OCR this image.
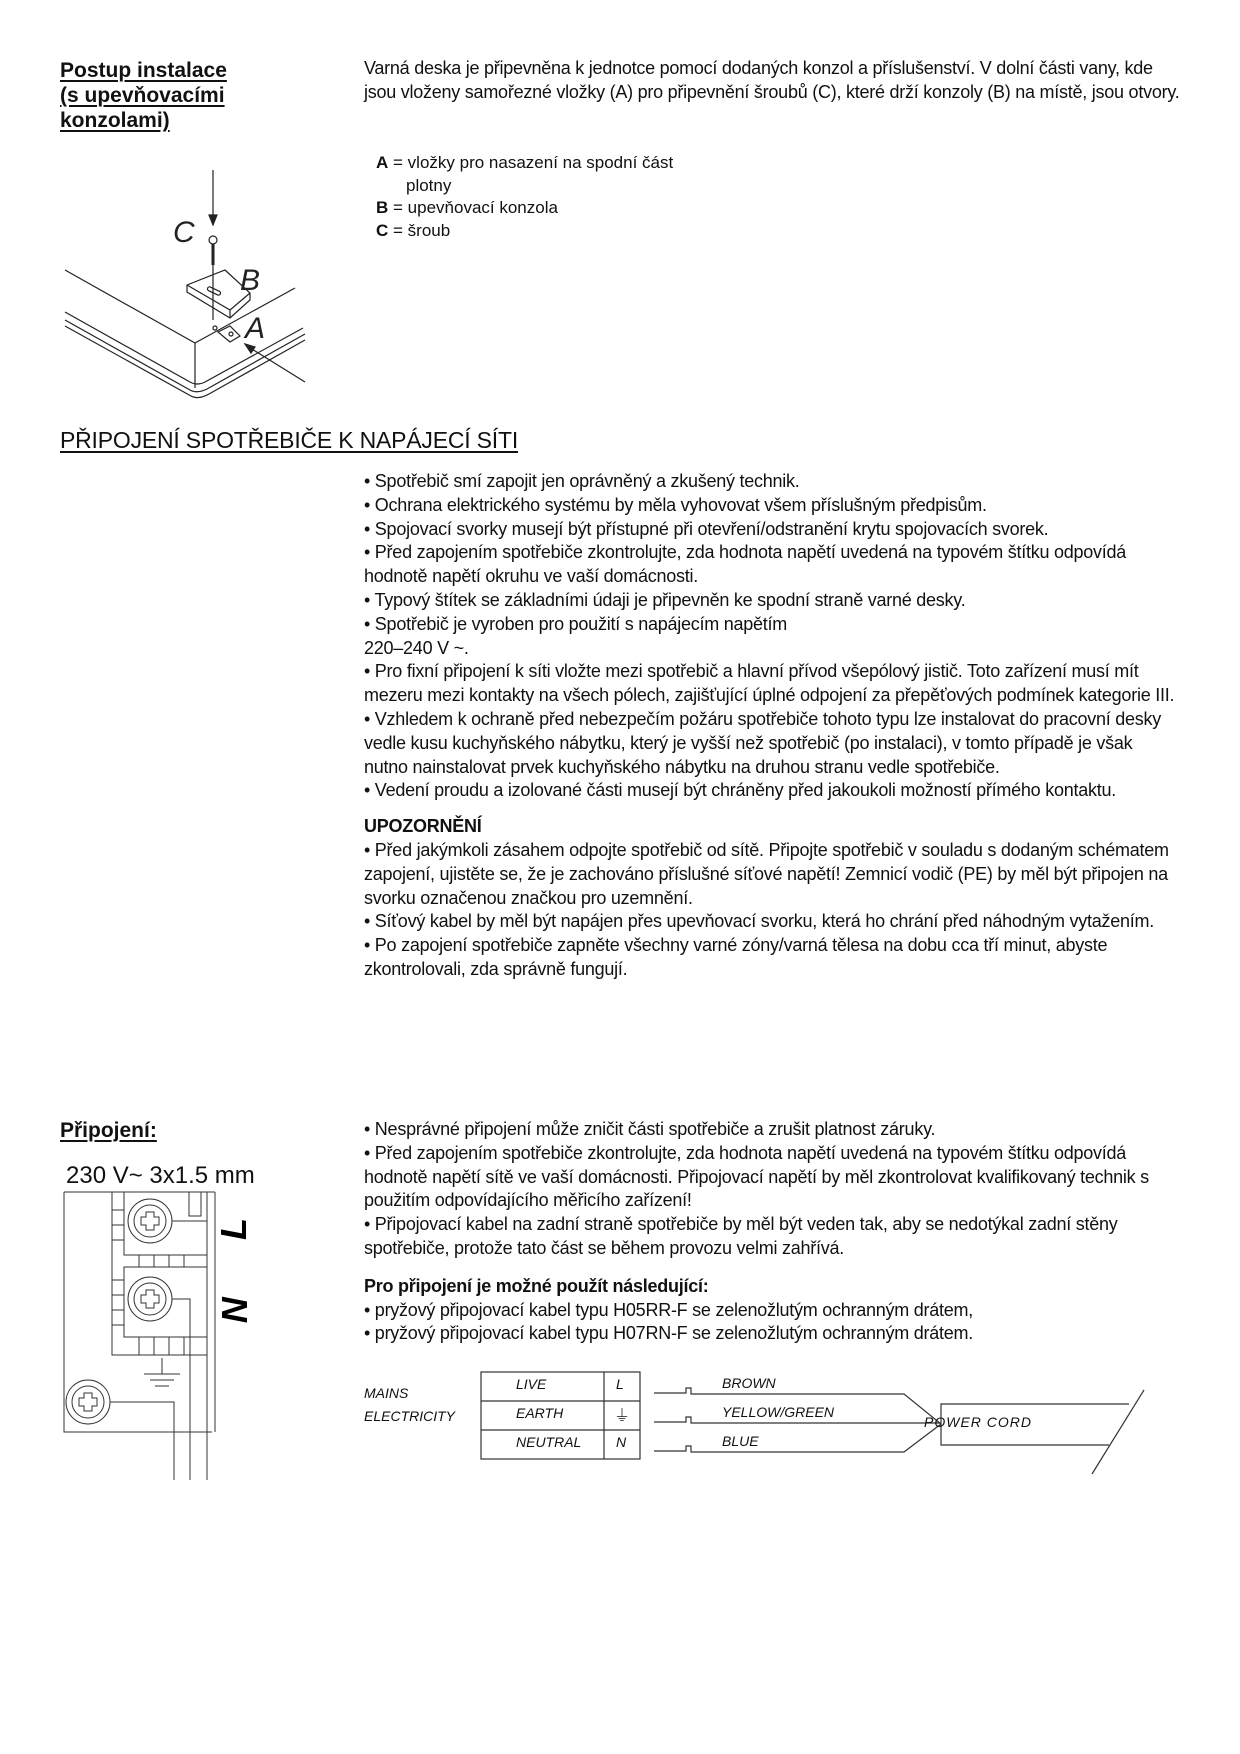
Postup instalace

(s upevňovacími

konzolami)

Varná deska je připevněna k jednotce pomocí dodaných konzol a příslušenství. V dolní části vany, kde jsou vloženy samořezné vložky (A) pro připevnění šroubů (C), které drží konzoly (B) na místě, jsou otvory.

A = vložky pro nasazení na spodní část

plotny

B = upevňovací konzola

C = šroub

C
B
A
PŘIPOJENÍ SPOTŘEBIČE K NAPÁJECÍ SÍTI

• Spotřebič smí zapojit jen oprávněný a zkušený technik.

• Ochrana elektrického systému by měla vyhovovat všem příslušným předpisům.

• Spojovací svorky musejí být přístupné při otevření/odstranění krytu spojovacích svorek.

• Před zapojením spotřebiče zkontrolujte, zda hodnota napětí uvedená na typovém štítku odpovídá hodnotě napětí okruhu ve vaší domácnosti.

• Typový štítek se základními údaji je připevněn ke spodní straně varné desky.

• Spotřebič je vyroben pro použití s napájecím napětím

220–240 V ~.

• Pro fixní připojení k síti vložte mezi spotřebič a hlavní přívod všepólový jistič. Toto zařízení musí mít mezeru mezi kontakty na všech pólech, zajišťující úplné odpojení za přepěťových podmínek kategorie III.

• Vzhledem k ochraně před nebezpečím požáru spotřebiče tohoto typu lze instalovat do pracovní desky vedle kusu kuchyňského nábytku, který je vyšší než spotřebič (po instalaci), v tomto případě je však nutno nainstalovat prvek kuchyňského nábytku na druhou stranu vedle spotřebiče.

• Vedení proudu a izolované části musejí být chráněny před jakoukoli možností přímého kontaktu.

UPOZORNĚNÍ

• Před jakýmkoli zásahem odpojte spotřebič od sítě. Připojte spotřebič v souladu s dodaným schématem zapojení, ujistěte se, že je zachováno příslušné síťové napětí! Zemnicí vodič (PE) by měl být připojen na svorku označenou značkou pro uzemnění.

• Síťový kabel by měl být napájen přes upevňovací svorku, která ho chrání před náhodným vytažením.

• Po zapojení spotřebiče zapněte všechny varné zóny/varná tělesa na dobu cca tří minut, abyste zkontrolovali, zda správně fungují.

Připojení:	• Nesprávné připojení může zničit části spotřebiče a zrušit platnost záruky.

• Před zapojením spotřebiče zkontrolujte, zda hodnota napětí uvedená na typovém štítku odpovídá hodnotě napětí sítě ve vaší domácnosti. Připojovací napětí by měl zkontrolovat kvalifikovaný technik s použitím odpovídajícího měřicího zařízení!

• Připojovací kabel na zadní straně spotřebiče by měl být veden tak, aby se nedotýkal zadní stěny spotřebiče, protože tato část se během provozu velmi zahřívá.

Pro připojení je možné použít následující:

• pryžový připojovací kabel typu H05RR-F se zelenožlutým ochranným drátem,

• pryžový připojovací kabel typu H07RN-F se zelenožlutým ochranným drátem.

230 V~ 3x1.5 mm
L
N
MAINS
ELECTRICITY
LIVE
EARTH
NEUTRAL
L
⏚
N
BROWN
YELLOW/GREEN
BLUE
POWER CORD
